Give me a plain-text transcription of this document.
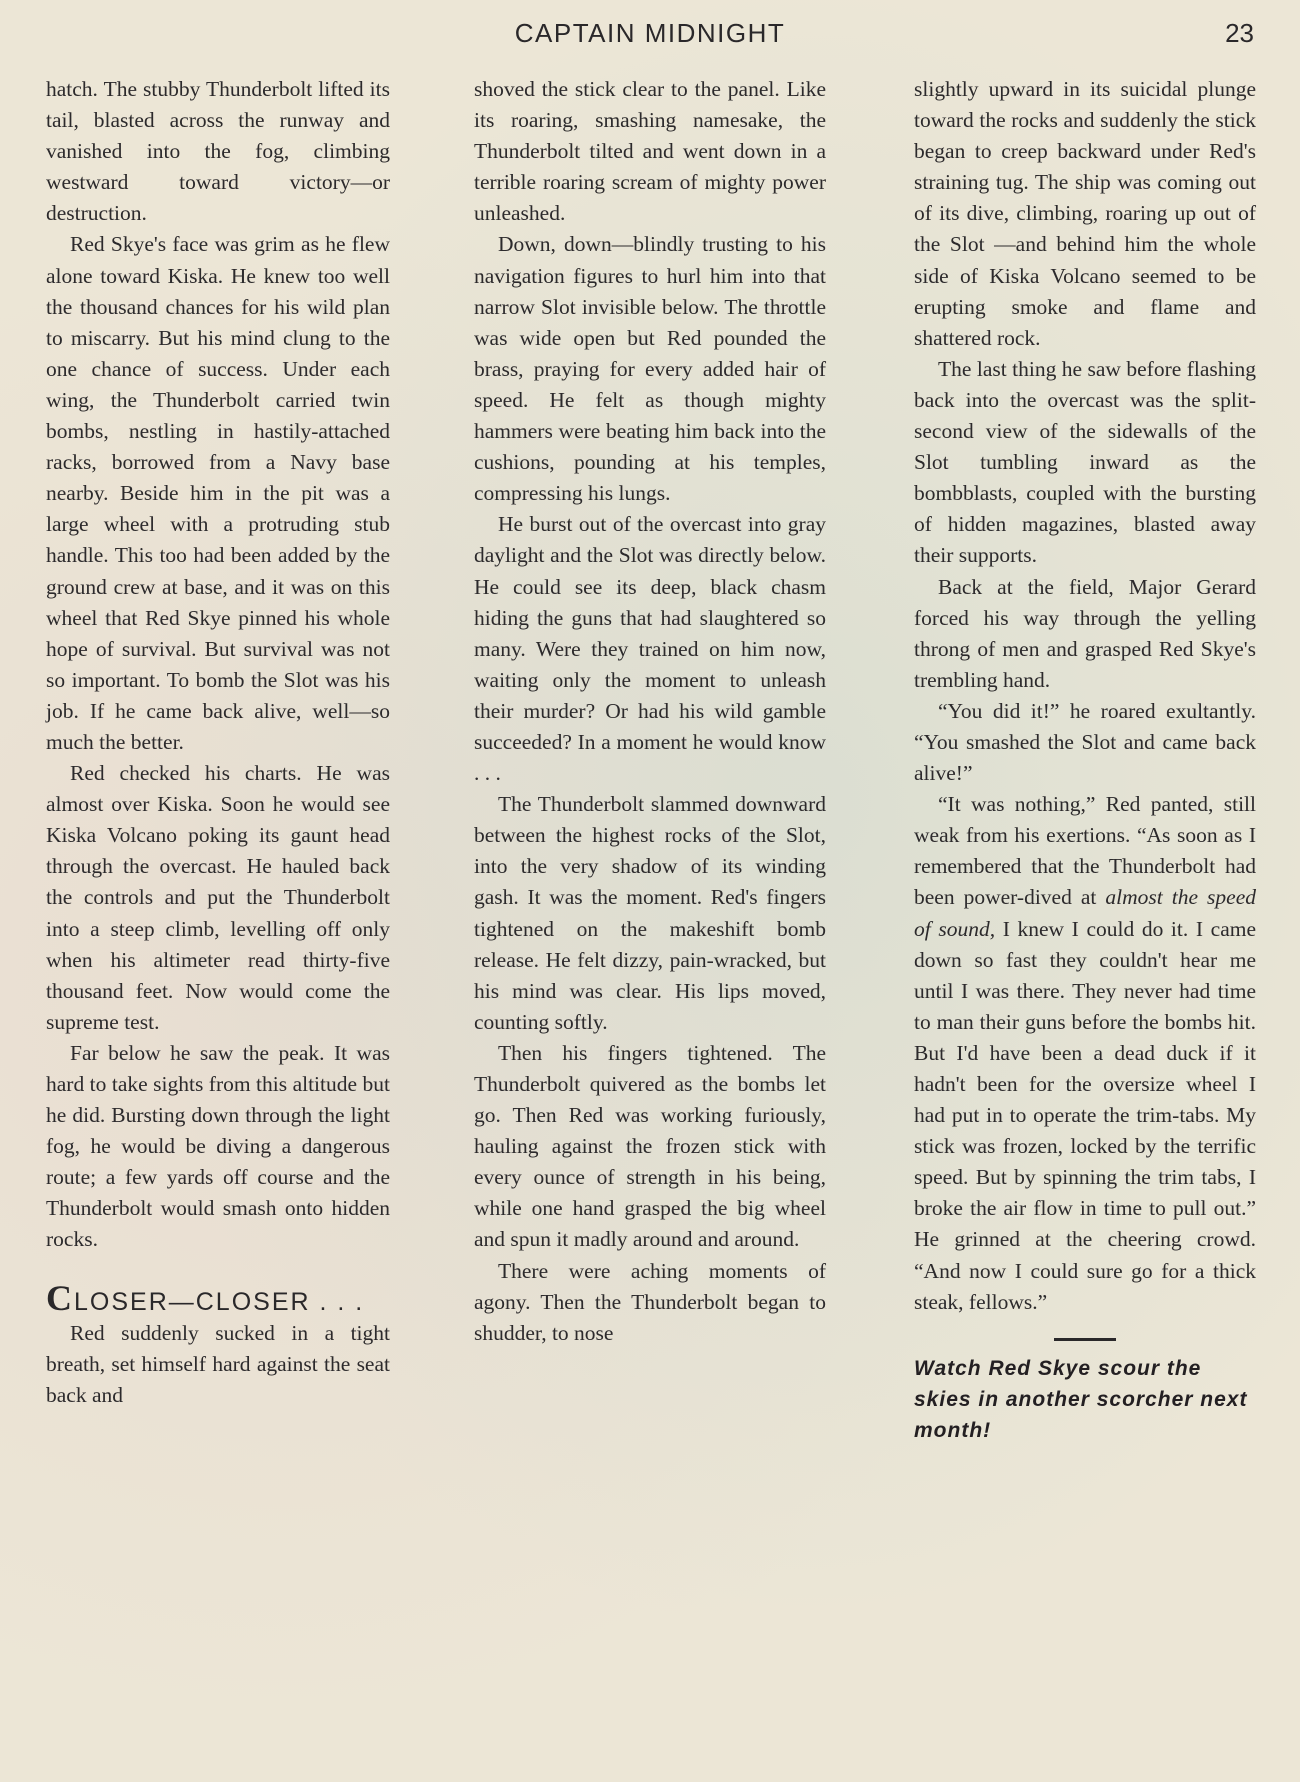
CAPTAIN MIDNIGHT	23

hatch. The stubby Thunderbolt lifted its tail, blasted across the runway and vanished into the fog, climbing westward toward victory—or destruction.

Red Skye's face was grim as he flew alone toward Kiska. He knew too well the thousand chances for his wild plan to miscarry. But his mind clung to the one chance of success. Under each wing, the Thunderbolt carried twin bombs, nestling in hastily-attached racks, borrowed from a Navy base nearby. Beside him in the pit was a large wheel with a protruding stub handle. This too had been added by the ground crew at base, and it was on this wheel that Red Skye pinned his whole hope of survival. But survival was not so important. To bomb the Slot was his job. If he came back alive, well—so much the better.

Red checked his charts. He was almost over Kiska. Soon he would see Kiska Volcano poking its gaunt head through the overcast. He hauled back the controls and put the Thunderbolt into a steep climb, levelling off only when his altimeter read thirty-five thousand feet. Now would come the supreme test.

Far below he saw the peak. It was hard to take sights from this altitude but he did. Bursting down through the light fog, he would be diving a dangerous route; a few yards off course and the Thunderbolt would smash onto hidden rocks.

CLOSER—CLOSER . . .

Red suddenly sucked in a tight breath, set himself hard against the seat back and

shoved the stick clear to the panel. Like its roaring, smashing namesake, the Thunderbolt tilted and went down in a terrible roaring scream of mighty power unleashed.

Down, down—blindly trusting to his navigation figures to hurl him into that narrow Slot invisible below. The throttle was wide open but Red pounded the brass, praying for every added hair of speed. He felt as though mighty hammers were beating him back into the cushions, pounding at his temples, compressing his lungs.

He burst out of the overcast into gray daylight and the Slot was directly below. He could see its deep, black chasm hiding the guns that had slaughtered so many. Were they trained on him now, waiting only the moment to unleash their murder? Or had his wild gamble succeeded? In a moment he would know . . .

The Thunderbolt slammed downward between the highest rocks of the Slot, into the very shadow of its winding gash. It was the moment. Red's fingers tightened on the makeshift bomb release. He felt dizzy, pain-wracked, but his mind was clear. His lips moved, counting softly.

Then his fingers tightened. The Thunderbolt quivered as the bombs let go. Then Red was working furiously, hauling against the frozen stick with every ounce of strength in his being, while one hand grasped the big wheel and spun it madly around and around.

There were aching moments of agony. Then the Thunderbolt began to shudder, to nose

slightly upward in its suicidal plunge toward the rocks and suddenly the stick began to creep backward under Red's straining tug. The ship was coming out of its dive, climbing, roaring up out of the Slot —and behind him the whole side of Kiska Volcano seemed to be erupting smoke and flame and shattered rock.

The last thing he saw before flashing back into the overcast was the split-second view of the sidewalls of the Slot tumbling inward as the bombblasts, coupled with the bursting of hidden magazines, blasted away their supports.

Back at the field, Major Gerard forced his way through the yelling throng of men and grasped Red Skye's trembling hand.

“You did it!” he roared exultantly. “You smashed the Slot and came back alive!”

“It was nothing,” Red panted, still weak from his exertions. “As soon as I remembered that the Thunderbolt had been power-dived at almost the speed of sound, I knew I could do it. I came down so fast they couldn't hear me until I was there. They never had time to man their guns before the bombs hit. But I'd have been a dead duck if it hadn't been for the oversize wheel I had put in to operate the trim-tabs. My stick was frozen, locked by the terrific speed. But by spinning the trim tabs, I broke the air flow in time to pull out.” He grinned at the cheering crowd. “And now I could sure go for a thick steak, fellows.”

Watch Red Skye scour the skies in another scorcher next month!
